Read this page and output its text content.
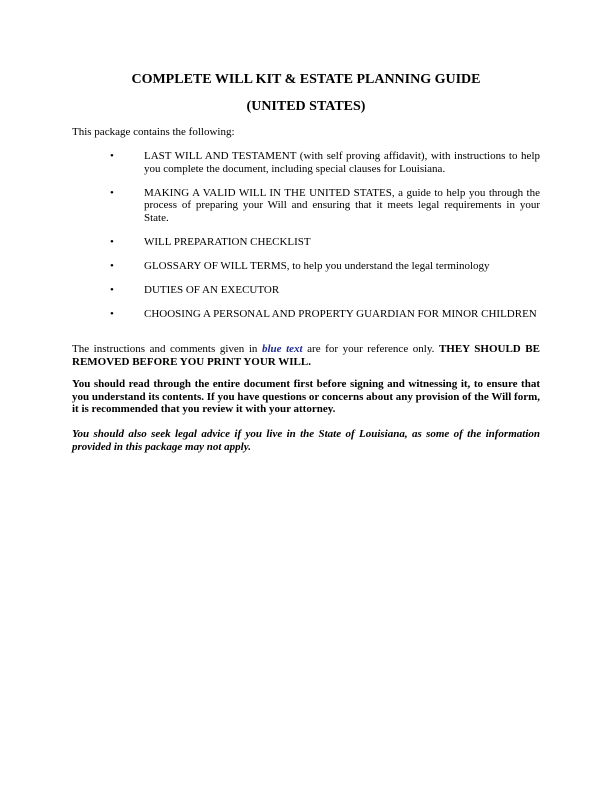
COMPLETE WILL KIT & ESTATE PLANNING GUIDE
(UNITED STATES)

This package contains the following:

•	LAST WILL AND TESTAMENT (with self proving affidavit), with instructions to help you complete the document, including special clauses for Louisiana.
•	MAKING A VALID WILL IN THE UNITED STATES, a guide to help you through the process of preparing your Will and ensuring that it meets legal requirements in your State.
•	WILL PREPARATION CHECKLIST
•	GLOSSARY OF WILL TERMS, to help you understand the legal terminology
•	DUTIES OF AN EXECUTOR
•	CHOOSING A PERSONAL AND PROPERTY GUARDIAN FOR MINOR CHILDREN

The instructions and comments given in blue text are for your reference only. THEY SHOULD BE REMOVED BEFORE YOU PRINT YOUR WILL.

You should read through the entire document first before signing and witnessing it, to ensure that you understand its contents. If you have questions or concerns about any provision of the Will form, it is recommended that you review it with your attorney.

You should also seek legal advice if you live in the State of Louisiana, as some of the information provided in this package may not apply.
